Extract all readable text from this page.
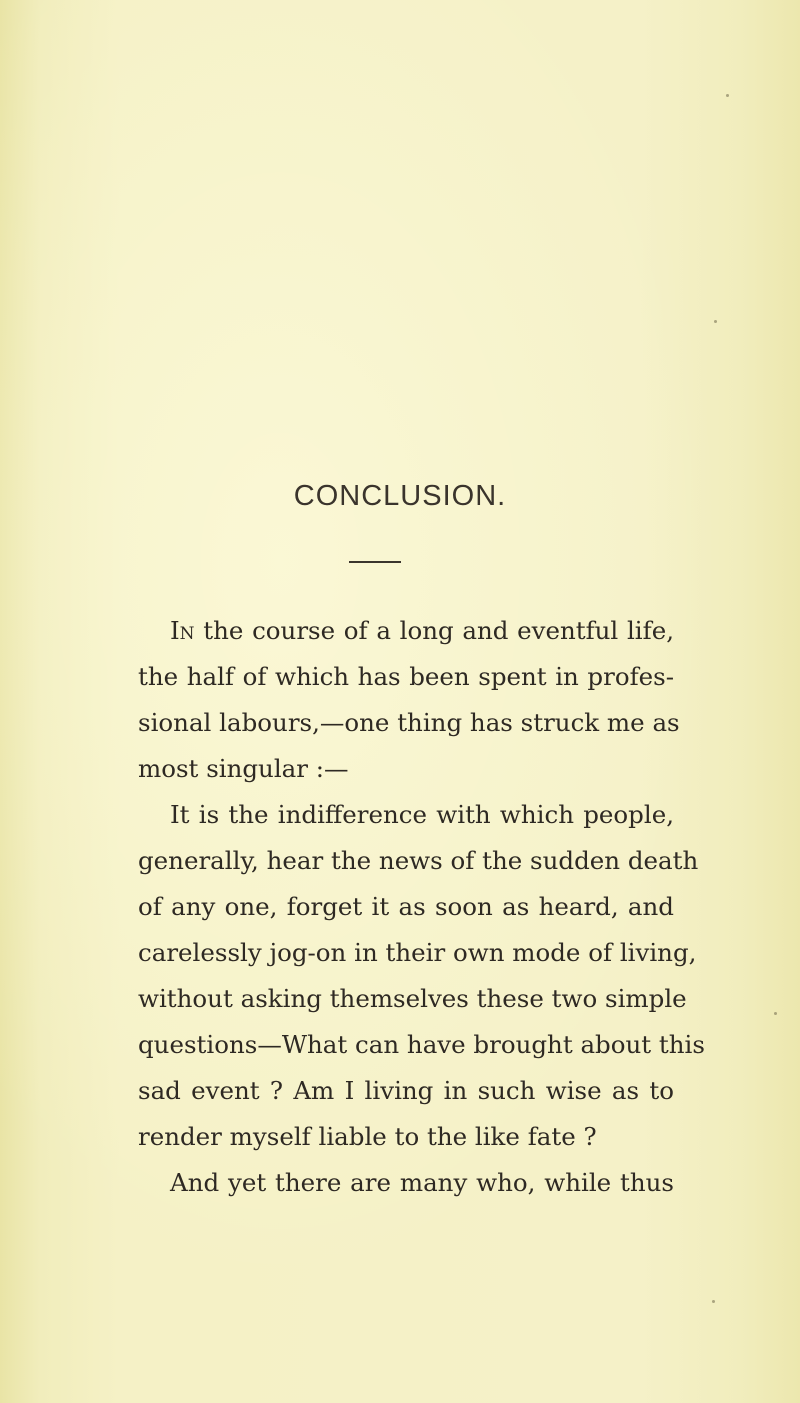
CONCLUSION.
In the course of a long and eventful life,
the half of which has been spent in profes-
sional labours,—one thing has struck me as
most singular :—
It is the indifference with which people,
generally, hear the news of the sudden death
of any one, forget it as soon as heard, and
carelessly jog-on in their own mode of living,
without asking themselves these two simple
questions—What can have brought about this
sad event ? Am I living in such wise as to
render myself liable to the like fate ?
And yet there are many who, while thus
